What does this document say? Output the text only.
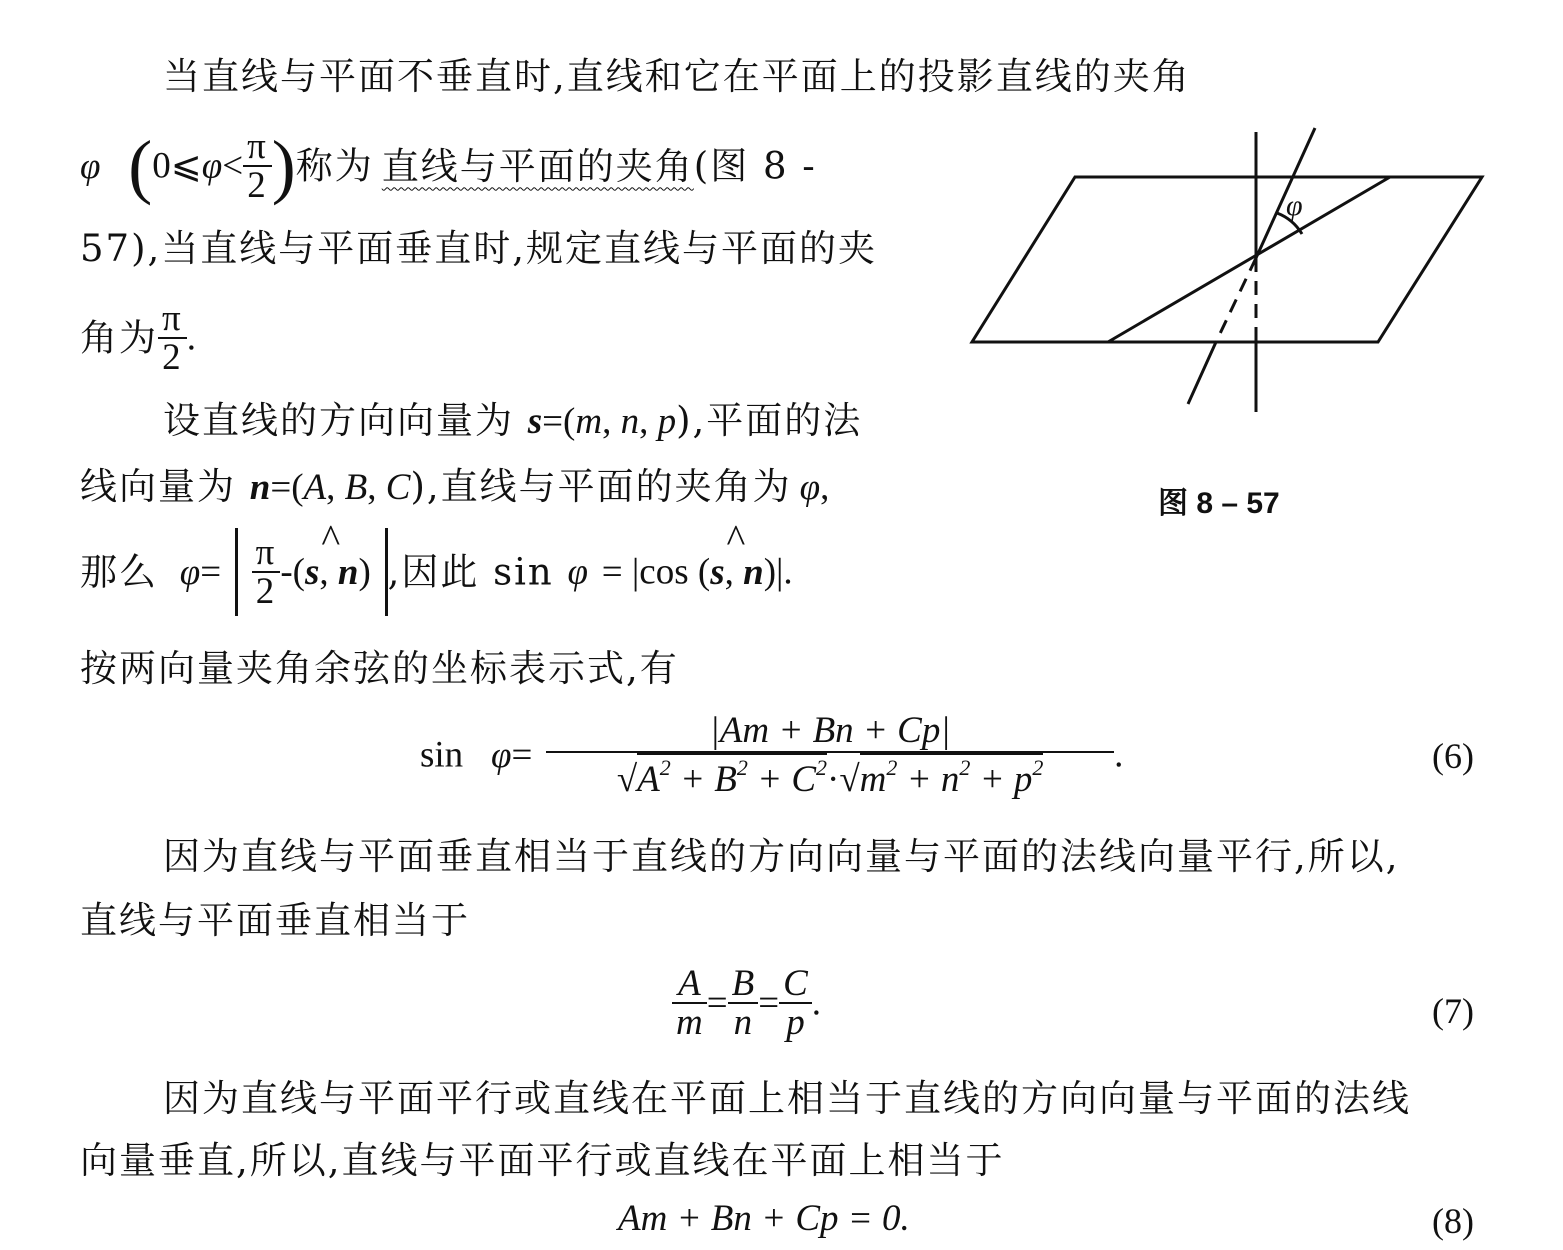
当直线与平面不垂直时,直线和它在平面上的投影直线的夹角
φ (0⩽φ< $\frac{\pi}{2}$ )称为 直线与平面的夹角(图 8 -
57),当直线与平面垂直时,规定直线与平面的夹
角为 $\frac{\pi}{2}$ .
设直线的方向向量为 s=(m, n, p),平面的法
线向量为 n=(A, B, C),直线与平面的夹角为 φ,
那么 $\varphi= \frac{\pi}{2}$ -(
^
s, n) ,因此 sin φ = |cos (
^
s, n)|.
按两向量夹角余弦的坐标表示式,有
$\sin \varphi= \frac{|Am + Bn + Cp|}{√A^2 + B^2 + C^2\cdot√m^2 + n^2 + p^2}$ .	(6)
因为直线与平面垂直相当于直线的方向向量与平面的法线向量平行,所以,
直线与平面垂直相当于
$\frac{A}{m} = \frac{B}{n} = \frac{C}{p}$ .	(7)
因为直线与平面平行或直线在平面上相当于直线的方向向量与平面的法线
向量垂直,所以,直线与平面平行或直线在平面上相当于
Am + Bn + Cp = 0.	(8)
φ
图 8 – 57
